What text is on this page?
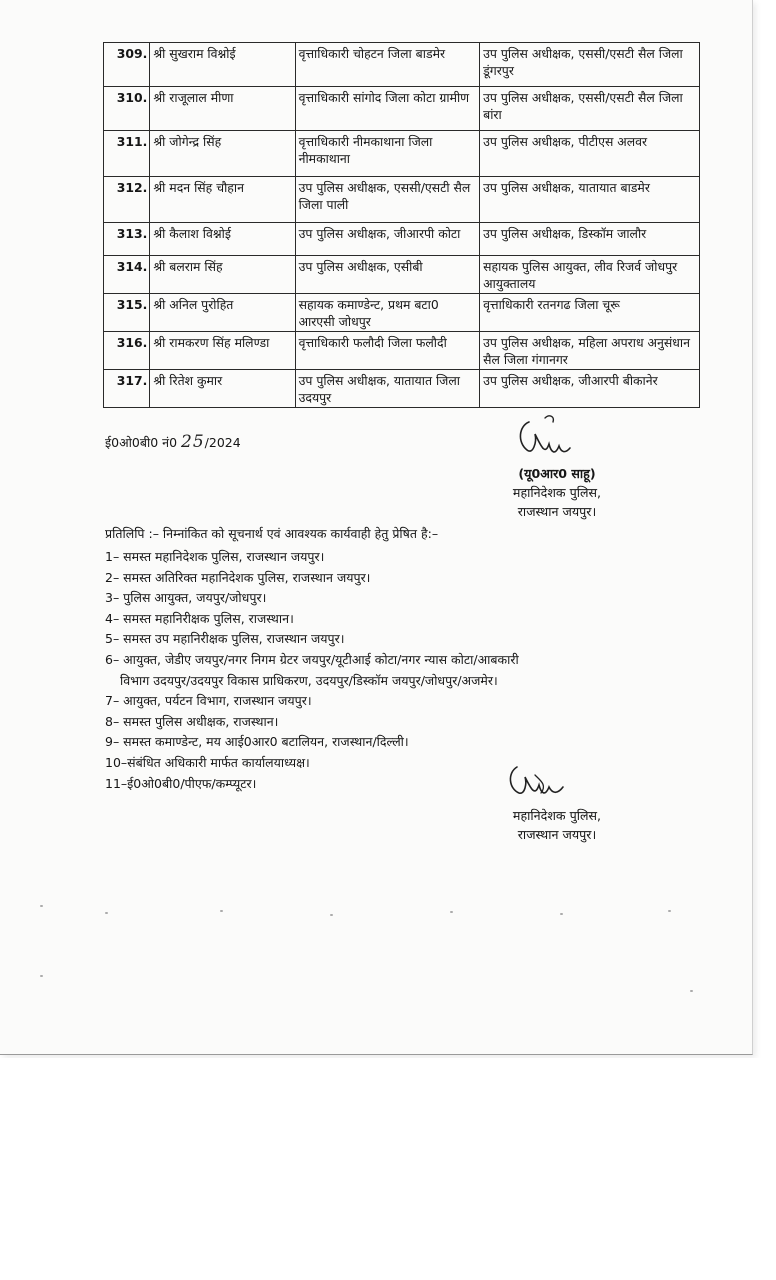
309.	श्री सुखराम विश्नोई	वृत्ताधिकारी चोहटन जिला बाडमेर	उप पुलिस अधीक्षक, एससी/एसटी सैल जिला डूंगरपुर
310.	श्री राजूलाल मीणा	वृत्ताधिकारी सांगोद जिला कोटा ग्रामीण	उप पुलिस अधीक्षक, एससी/एसटी सैल जिला बांरा
311.	श्री जोगेन्द्र सिंह	वृत्ताधिकारी नीमकाथाना जिला नीमकाथाना	उप पुलिस अधीक्षक, पीटीएस अलवर
312.	श्री मदन सिंह चौहान	उप पुलिस अधीक्षक, एससी/एसटी सैल जिला पाली	उप पुलिस अधीक्षक, यातायात बाडमेर
313.	श्री कैलाश विश्नोई	उप पुलिस अधीक्षक, जीआरपी कोटा	उप पुलिस अधीक्षक, डिस्कॉम जालौर
314.	श्री बलराम सिंह	उप पुलिस अधीक्षक, एसीबी	सहायक पुलिस आयुक्त, लीव रिजर्व जोधपुर आयुक्तालय
315.	श्री अनिल पुरोहित	सहायक कमाण्डेन्ट, प्रथम बटा0 आरएसी जोधपुर	वृत्ताधिकारी रतनगढ जिला चूरू
316.	श्री रामकरण सिंह मलिण्डा	वृत्ताधिकारी फलौदी जिला फलौदी	उप पुलिस अधीक्षक, महिला अपराध अनुसंधान सैल जिला गंगानगर
317.	श्री रितेश कुमार	उप पुलिस अधीक्षक, यातायात जिला उदयपुर	उप पुलिस अधीक्षक, जीआरपी बीकानेर
ई0ओ0बी0 नं0 25/2024
(यू0आर0 साहू)
महानिदेशक पुलिस,
राजस्थान जयपुर।
प्रतिलिपि :– निम्नांकित को सूचनार्थ एवं आवश्यक कार्यवाही हेतु प्रेषित है:–
1– समस्त महानिदेशक पुलिस, राजस्थान जयपुर।
2– समस्त अतिरिक्त महानिदेशक पुलिस, राजस्थान जयपुर।
3– पुलिस आयुक्त, जयपुर/जोधपुर।
4– समस्त महानिरीक्षक पुलिस, राजस्थान।
5– समस्त उप महानिरीक्षक पुलिस, राजस्थान जयपुर।
6– आयुक्त, जेडीए जयपुर/नगर निगम ग्रेटर जयपुर/यूटीआई कोटा/नगर न्यास कोटा/आबकारी
विभाग उदयपुर/उदयपुर विकास प्राधिकरण, उदयपुर/डिस्कॉम जयपुर/जोधपुर/अजमेर।
7– आयुक्त, पर्यटन विभाग, राजस्थान जयपुर।
8– समस्त पुलिस अधीक्षक, राजस्थान।
9– समस्त कमाण्डेन्ट, मय आई0आर0 बटालियन, राजस्थान/दिल्ली।
10–संबंधित अधिकारी मार्फत कार्यालयाध्यक्ष।
11–ई0ओ0बी0/पीएफ/कम्प्यूटर।
महानिदेशक पुलिस,
राजस्थान जयपुर।
